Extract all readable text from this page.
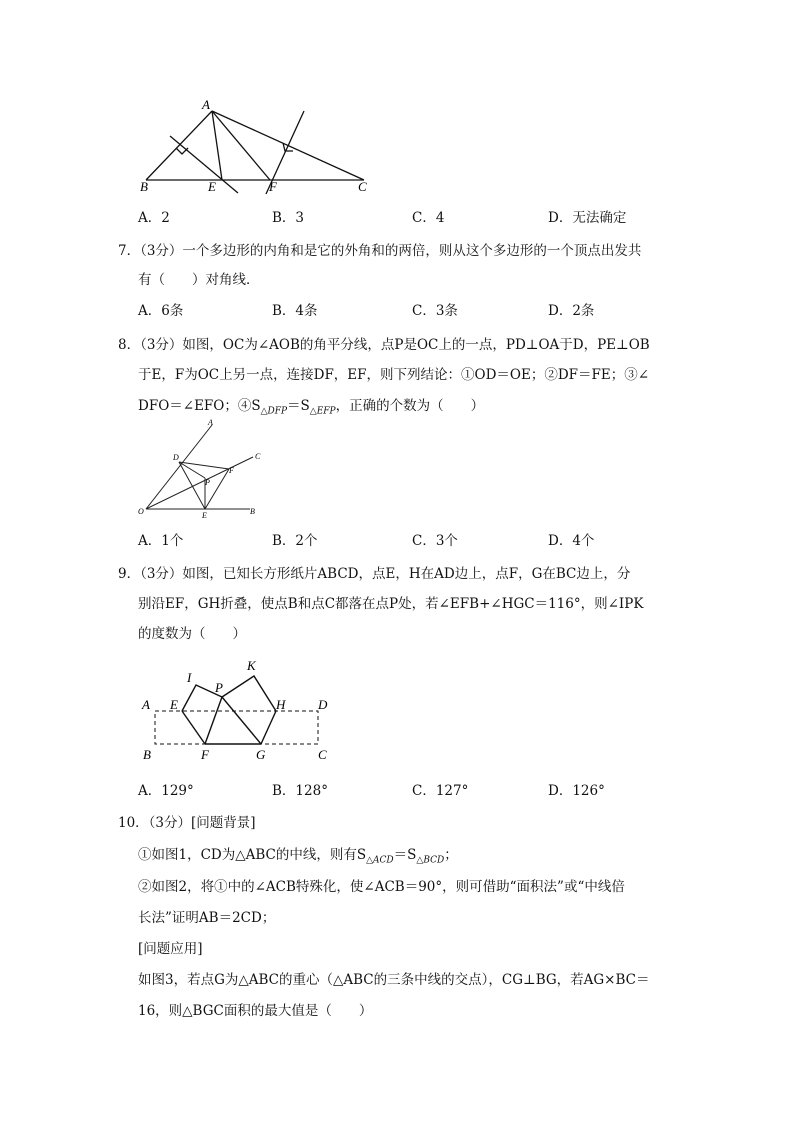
A
B	E	F	C
A．2	B．3	C．4	D．无法确定
7．（3分）一个多边形的内角和是它的外角和的两倍，则从这个多边形的一个顶点出发共
有（　　）对角线．
A．6条	B．4条	C．3条	D．2条
8．（3分）如图，OC为∠AOB的角平分线，点P是OC上的一点，PD⊥OA于D，PE⊥OB
于E，F为OC上另一点，连接DF，EF，则下列结论：①OD＝OE；②DF＝FE；③∠
DFO＝∠EFO；$④S_{\triangle DFP}=S_{\triangle EFP}$，正确的个数为（　　）
A
C
D
F
P
O	E	B
A．1个	B．2个	C．3个	D．4个
9．（3分）如图，已知长方形纸片ABCD，点E，H在AD边上，点F，G在BC边上，分
别沿EF，GH折叠，使点B和点C都落在点P处，若∠EFB+∠HGC＝116°，则∠IPK
的度数为（　　）
I
K
P
A E	H	D
B	F	G	C
A．129°	B．128°	C．127°	D．126°
10．（3分）[问题背景]
①如图1，CD为△ABC的中线，则有$S_{\triangle ACD}=S_{\triangle BCD}$；
②如图2，将①中的∠ACB特殊化，使∠ACB＝90°，则可借助“面积法”或“中线倍
长法”证明AB＝2CD；
[问题应用]
如图3，若点G为△ABC的重心（△ABC的三条中线的交点），CG⊥BG，若AG×BC＝
16，则△BGC面积的最大值是（　　）
